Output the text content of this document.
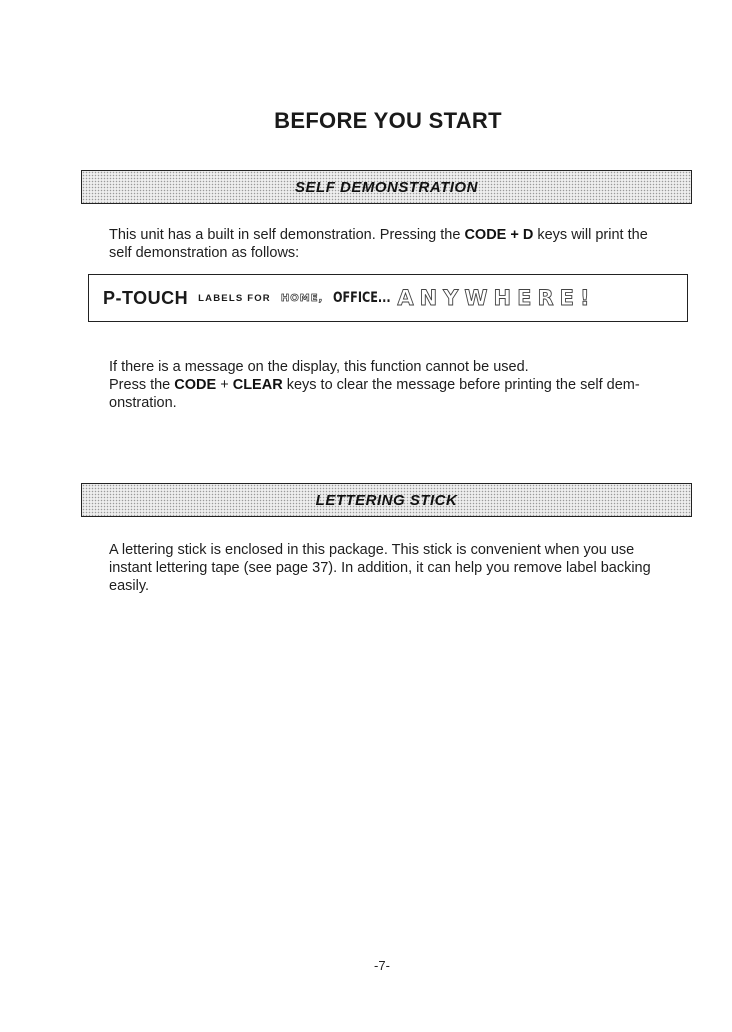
BEFORE YOU START
SELF DEMONSTRATION

This unit has a built in self demonstration. Pressing the CODE + D keys will print the self demonstration as follows:

P-TOUCH LABELS FOR HOME, OFFICE... ANYWHERE!

If there is a message on the display, this function cannot be used.

Press the CODE + CLEAR keys to clear the message before printing the self dem-onstration.

LETTERING STICK

A lettering stick is enclosed in this package. This stick is convenient when you use instant lettering tape (see page 37). In addition, it can help you remove label backing easily.

-7-
